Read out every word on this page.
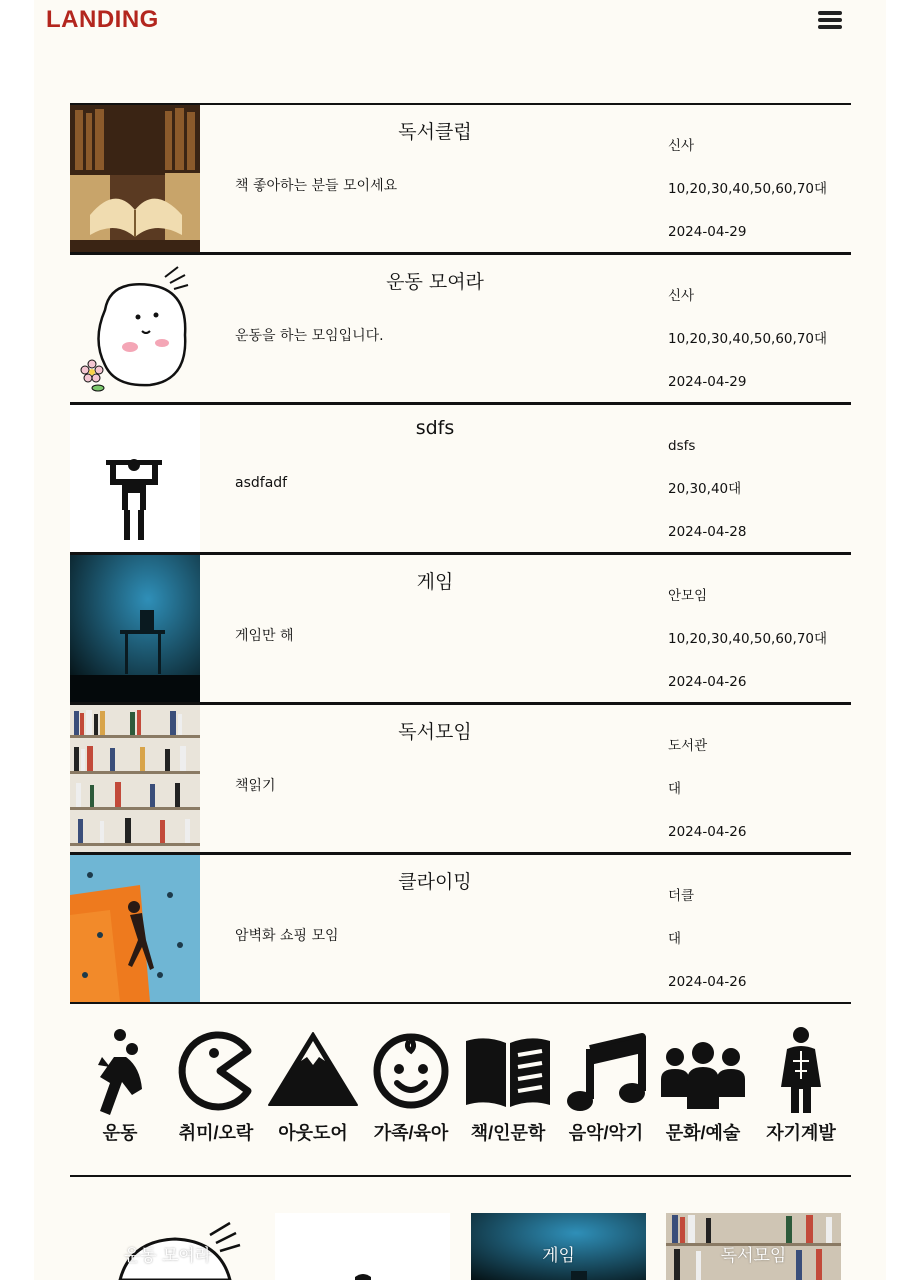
LANDING
독서클럽
책 좋아하는 분들 모이세요
신사
10,20,30,40,50,60,70대
2024-04-29
운동 모여라
운동을 하는 모임입니다.
신사
10,20,30,40,50,60,70대
2024-04-29
sdfs
asdfadf
dsfs
20,30,40대
2024-04-28
게임
게임만 해
안모임
10,20,30,40,50,60,70대
2024-04-26
독서모임
책읽기
도서관
대
2024-04-26
클라이밍
암벽화 쇼핑 모임
더클
대
2024-04-26
운동	취미/오락	아웃도어	가족/육아	책/인문학	음악/악기	문화/예술	자기계발
운동 모여라	게임	독서모임
